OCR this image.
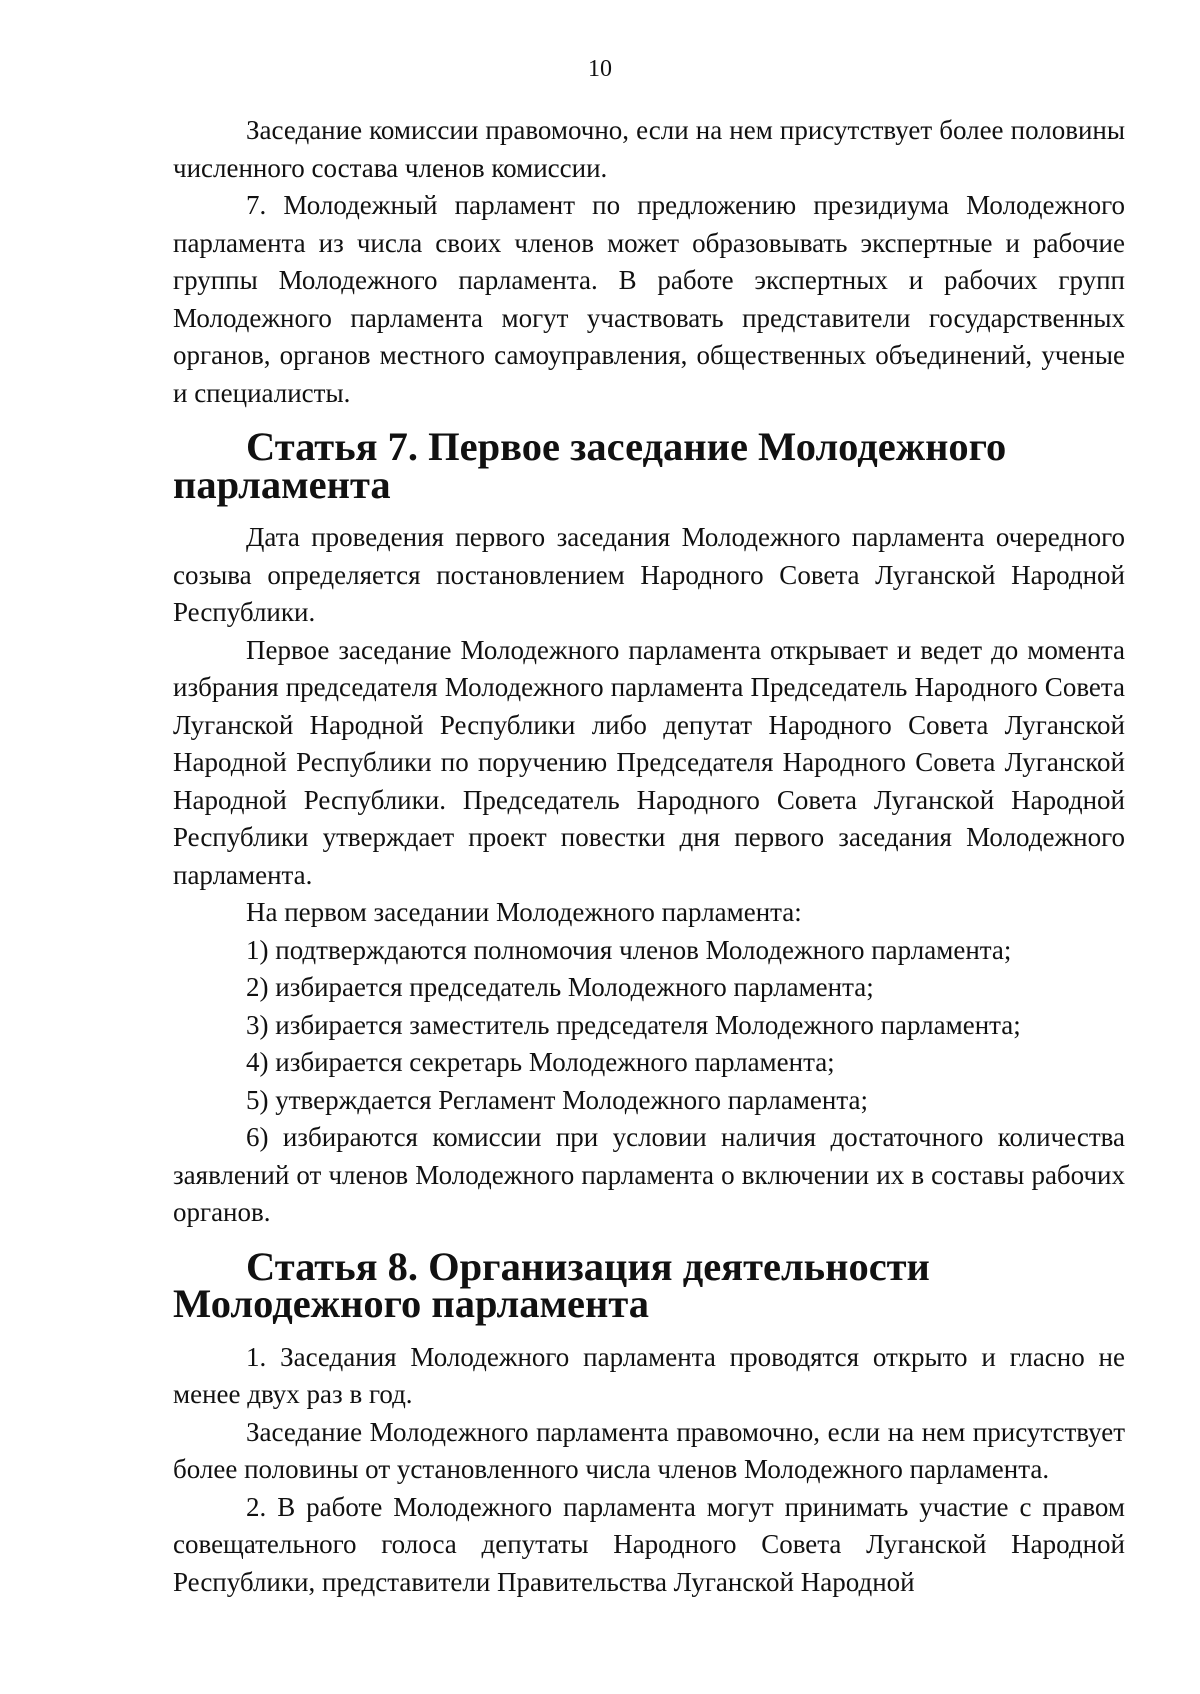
10

Заседание комиссии правомочно, если на нем присутствует более половины численного состава членов комиссии.

7. Молодежный парламент по предложению президиума Молодежного парламента из числа своих членов может образовывать экспертные и рабочие группы Молодежного парламента. В работе экспертных и рабочих групп Молодежного парламента могут участвовать представители государственных органов, органов местного самоуправления, общественных объединений, ученые и специалисты.

Статья 7. Первое заседание Молодежного парламента

Дата проведения первого заседания Молодежного парламента очередного созыва определяется постановлением Народного Совета Луганской Народной Республики.

Первое заседание Молодежного парламента открывает и ведет до момента избрания председателя Молодежного парламента Председатель Народного Совета Луганской Народной Республики либо депутат Народного Совета Луганской Народной Республики по поручению Председателя Народного Совета Луганской Народной Республики. Председатель Народного Совета Луганской Народной Республики утверждает проект повестки дня первого заседания Молодежного парламента.

На первом заседании Молодежного парламента:

1) подтверждаются полномочия членов Молодежного парламента;

2) избирается председатель Молодежного парламента;

3) избирается заместитель председателя Молодежного парламента;

4) избирается секретарь Молодежного парламента;

5) утверждается Регламент Молодежного парламента;

6) избираются комиссии при условии наличия достаточного количества заявлений от членов Молодежного парламента о включении их в составы рабочих органов.

Статья 8. Организация деятельности Молодежного парламента

1. Заседания Молодежного парламента проводятся открыто и гласно не менее двух раз в год.

Заседание Молодежного парламента правомочно, если на нем присутствует более половины от установленного числа членов Молодежного парламента.

2. В работе Молодежного парламента могут принимать участие с правом совещательного голоса депутаты Народного Совета Луганской Народной Республики, представители Правительства Луганской Народной
